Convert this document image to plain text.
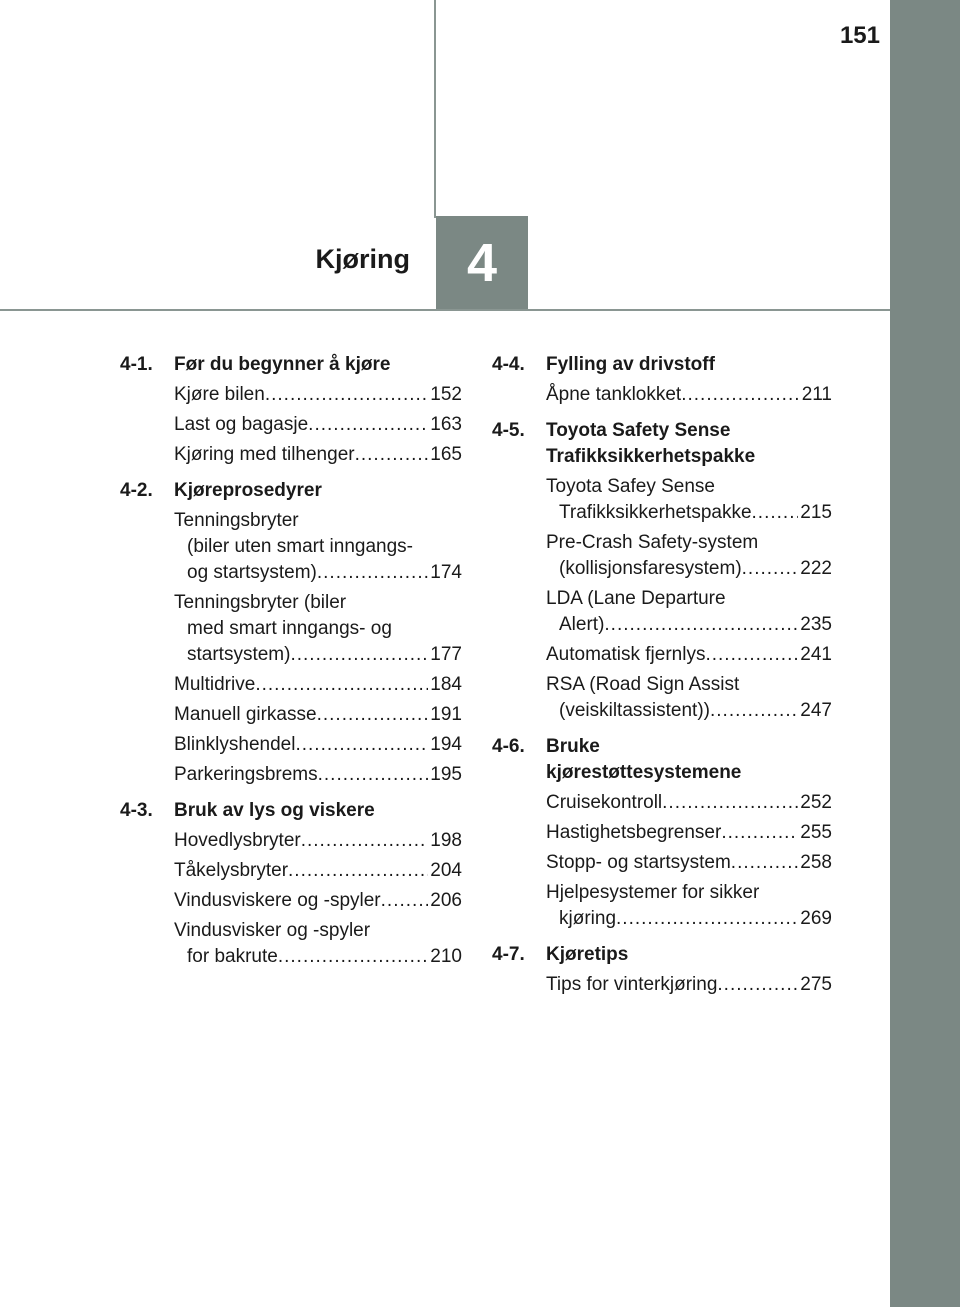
151
4
Kjøring
4-1.	Før du begynner å kjøre
Kjøre bilen .....	152
Last og bagasje .....	163
Kjøring med tilhenger .....	165
4-2.	Kjøreprosedyrer
Tenningsbryter
(biler uten smart inngangs-
og startsystem) .....	174
Tenningsbryter (biler
med smart inngangs- og
startsystem) .....	177
Multidrive .....	184
Manuell girkasse .....	191
Blinklyshendel .....	194
Parkeringsbrems .....	195
4-3.	Bruk av lys og viskere
Hovedlysbryter .....	198
Tåkelysbryter .....	204
Vindusviskere og -spyler .....	206
Vindusvisker og -spyler
for bakrute .....	210
4-4.	Fylling av drivstoff
Åpne tanklokket .....	211
4-5.	Toyota Safety Sense
Trafikksikkerhetspakke
Toyota Safey Sense
Trafikksikkerhetspakke .....	215
Pre-Crash Safety-system
(kollisjonsfaresystem) .....	222
LDA (Lane Departure
Alert) .....	235
Automatisk fjernlys .....	241
RSA (Road Sign Assist
(veiskiltassistent)) .....	247
4-6.	Bruke
kjørestøttesystemene
Cruisekontroll .....	252
Hastighetsbegrenser .....	255
Stopp- og startsystem .....	258
Hjelpesystemer for sikker
kjøring .....	269
4-7.	Kjøretips
Tips for vinterkjøring .....	275
